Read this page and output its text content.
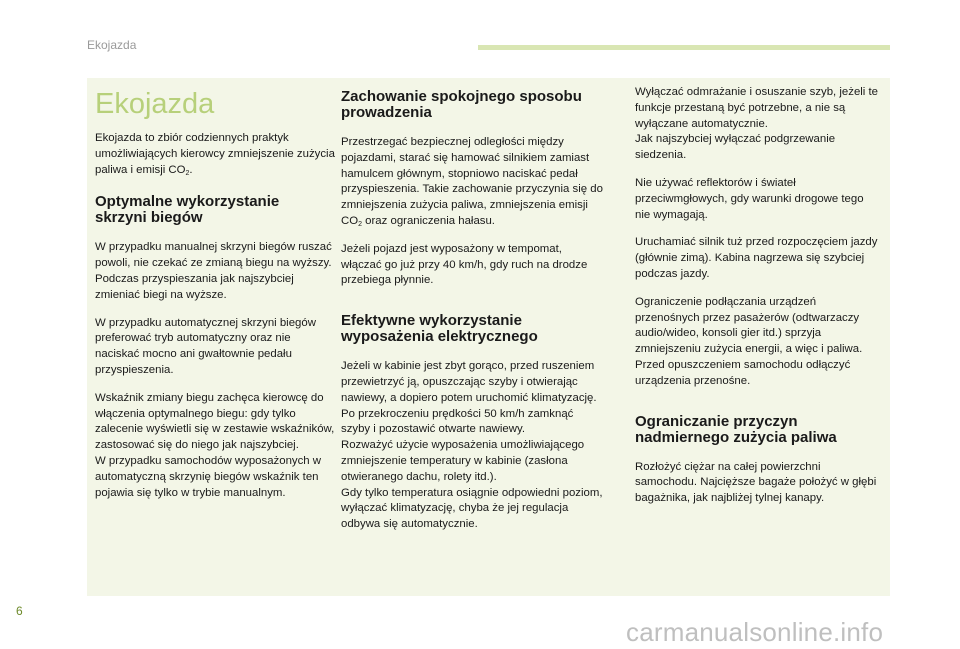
Ekojazda
Ekojazda

Ekojazda to zbiór codziennych praktyk umożliwiających kierowcy zmniejszenie zużycia paliwa i emisji $CO_2$.

Optymalne wykorzystanie skrzyni biegów

W przypadku manualnej skrzyni biegów ruszać powoli, nie czekać ze zmianą biegu na wyższy. Podczas przyspieszania jak najszybciej zmieniać biegi na wyższe.

W przypadku automatycznej skrzyni biegów preferować tryb automatyczny oraz nie naciskać mocno ani gwałtownie pedału przyspieszenia.

Wskaźnik zmiany biegu zachęca kierowcę do włączenia optymalnego biegu: gdy tylko zalecenie wyświetli się w zestawie wskaźników, zastosować się do niego jak najszybciej.
W przypadku samochodów wyposażonych w automatyczną skrzynię biegów wskaźnik ten pojawia się tylko w trybie manualnym.

Zachowanie spokojnego sposobu prowadzenia

Przestrzegać bezpiecznej odległości między pojazdami, starać się hamować silnikiem zamiast hamulcem głównym, stopniowo naciskać pedał przyspieszenia. Takie zachowanie przyczynia się do zmniejszenia zużycia paliwa, zmniejszenia emisji $CO_2$ oraz ograniczenia hałasu.

Jeżeli pojazd jest wyposażony w tempomat, włączać go już przy 40 km/h, gdy ruch na drodze przebiega płynnie.

Efektywne wykorzystanie wyposażenia elektrycznego

Jeżeli w kabinie jest zbyt gorąco, przed ruszeniem przewietrzyć ją, opuszczając szyby i otwierając nawiewy, a dopiero potem uruchomić klimatyzację.
Po przekroczeniu prędkości 50 km/h zamknąć szyby i pozostawić otwarte nawiewy.
Rozważyć użycie wyposażenia umożliwiającego zmniejszenie temperatury w kabinie (zasłona otwieranego dachu, rolety itd.).
Gdy tylko temperatura osiągnie odpowiedni poziom, wyłączać klimatyzację, chyba że jej regulacja odbywa się automatycznie.

Wyłączać odmrażanie i osuszanie szyb, jeżeli te funkcje przestaną być potrzebne, a nie są wyłączane automatycznie.
Jak najszybciej wyłączać podgrzewanie siedzenia.

Nie używać reflektorów i świateł przeciwmgłowych, gdy warunki drogowe tego nie wymagają.

Uruchamiać silnik tuż przed rozpoczęciem jazdy (głównie zimą). Kabina nagrzewa się szybciej podczas jazdy.

Ograniczenie podłączania urządzeń przenośnych przez pasażerów (odtwarzaczy audio/wideo, konsoli gier itd.) sprzyja zmniejszeniu zużycia energii, a więc i paliwa.
Przed opuszczeniem samochodu odłączyć urządzenia przenośne.

Ograniczanie przyczyn nadmiernego zużycia paliwa

Rozłożyć ciężar na całej powierzchni samochodu. Najcięższe bagaże położyć w głębi bagażnika, jak najbliżej tylnej kanapy.

6
carmanualsonline.info
